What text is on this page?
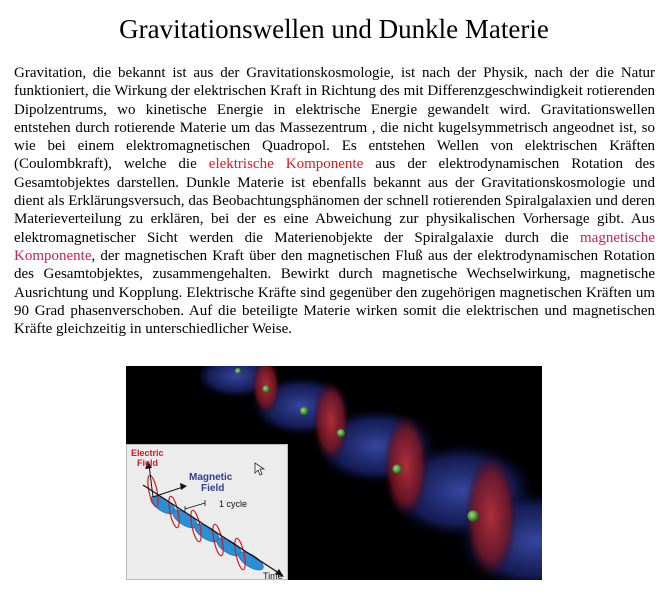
Gravitationswellen und Dunkle Materie
Gravitation, die bekannt ist aus der Gravitationskosmologie, ist nach der Physik, nach der die Natur funktioniert, die Wirkung der elektrischen Kraft in Richtung des mit Differenzgeschwindigkeit rotierenden Dipolzentrums, wo kinetische Energie in elektrische Energie gewandelt wird. Gravitationswellen entstehen durch rotierende Materie um das Massezentrum , die nicht kugelsymmetrisch angeodnet ist, so wie bei einem elektromagnetischen Quadropol. Es entstehen Wellen von elektrischen Kräften (Coulombkraft), welche die elektrische Komponente aus der elektrodynamischen Rotation des Gesamtobjektes darstellen. Dunkle Materie ist ebenfalls bekannt aus der Gravitationskosmologie und dient als Erklärungsversuch, das Beobachtungsphänomen der schnell rotierenden Spiralgalaxien und deren Materieverteilung zu erklären, bei der es eine Abweichung zur physikalischen Vorhersage gibt. Aus elektromagnetischer Sicht werden die Materienobjekte der Spiralgalaxie durch die magnetische Komponente, der magnetischen Kraft über den magnetischen Fluß aus der elektrodynamischen Rotation des Gesamtobjektes, zusammengehalten. Bewirkt durch magnetische Wechselwirkung, magnetische Ausrichtung und Kopplung. Elektrische Kräfte sind gegenüber den zugehörigen magnetischen Kräften um 90 Grad phasenverschoben. Auf die beteiligte Materie wirken somit die elektrischen und magnetischen Kräfte gleichzeitig in unterschiedlicher Weise.
Electric
Field
Magnetic
Field
1 cycle
Time
